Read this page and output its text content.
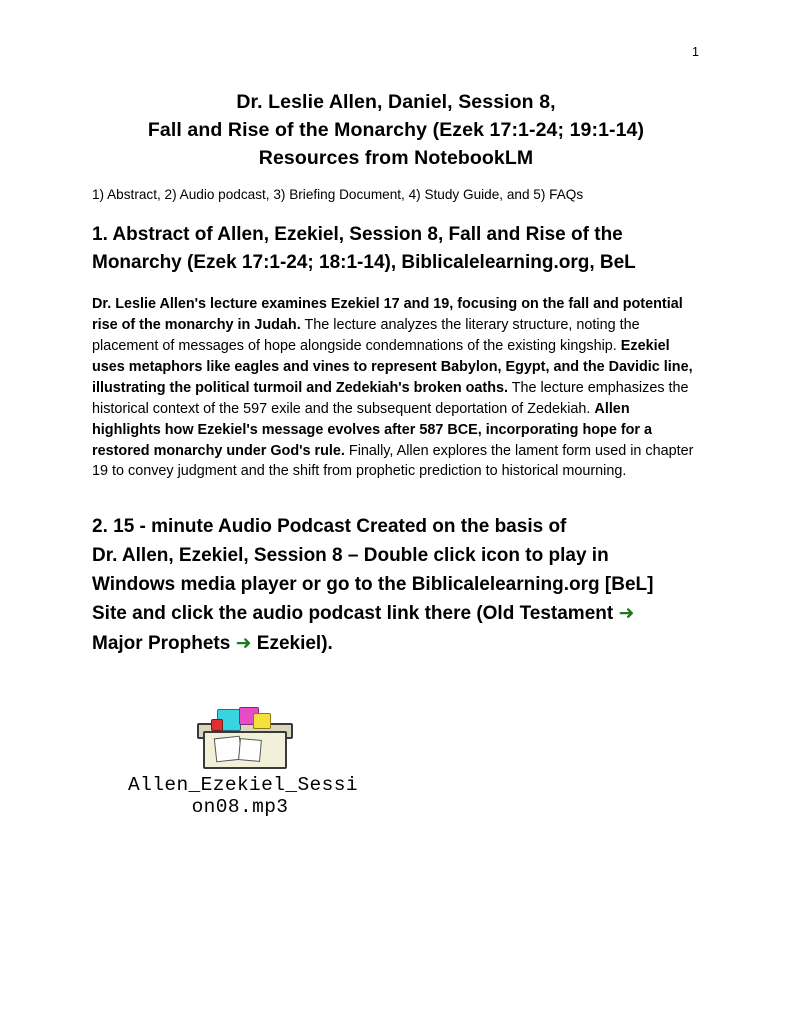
1
Dr. Leslie Allen, Daniel, Session 8,
Fall and Rise of the Monarchy (Ezek 17:1-24; 19:1-14)
Resources from NotebookLM

1) Abstract, 2) Audio podcast, 3) Briefing Document, 4) Study Guide, and 5) FAQs

1. Abstract of Allen, Ezekiel, Session 8, Fall and Rise of the Monarchy (Ezek 17:1-24; 18:1-14), Biblicalelearning.org, BeL

Dr. Leslie Allen's lecture examines Ezekiel 17 and 19, focusing on the fall and potential rise of the monarchy in Judah. The lecture analyzes the literary structure, noting the placement of messages of hope alongside condemnations of the existing kingship. Ezekiel uses metaphors like eagles and vines to represent Babylon, Egypt, and the Davidic line, illustrating the political turmoil and Zedekiah's broken oaths. The lecture emphasizes the historical context of the 597 exile and the subsequent deportation of Zedekiah. Allen highlights how Ezekiel's message evolves after 587 BCE, incorporating hope for a restored monarchy under God's rule. Finally, Allen explores the lament form used in chapter 19 to convey judgment and the shift from prophetic prediction to historical mourning.

2. 15 - minute Audio Podcast Created on the basis of
Dr. Allen, Ezekiel, Session 8 – Double click icon to play in
Windows media player or go to the Biblicalelearning.org [BeL]
Site and click the audio podcast link there (Old Testament ➜
Major Prophets ➜ Ezekiel).
Allen_Ezekiel_Sessi
on08.mp3
